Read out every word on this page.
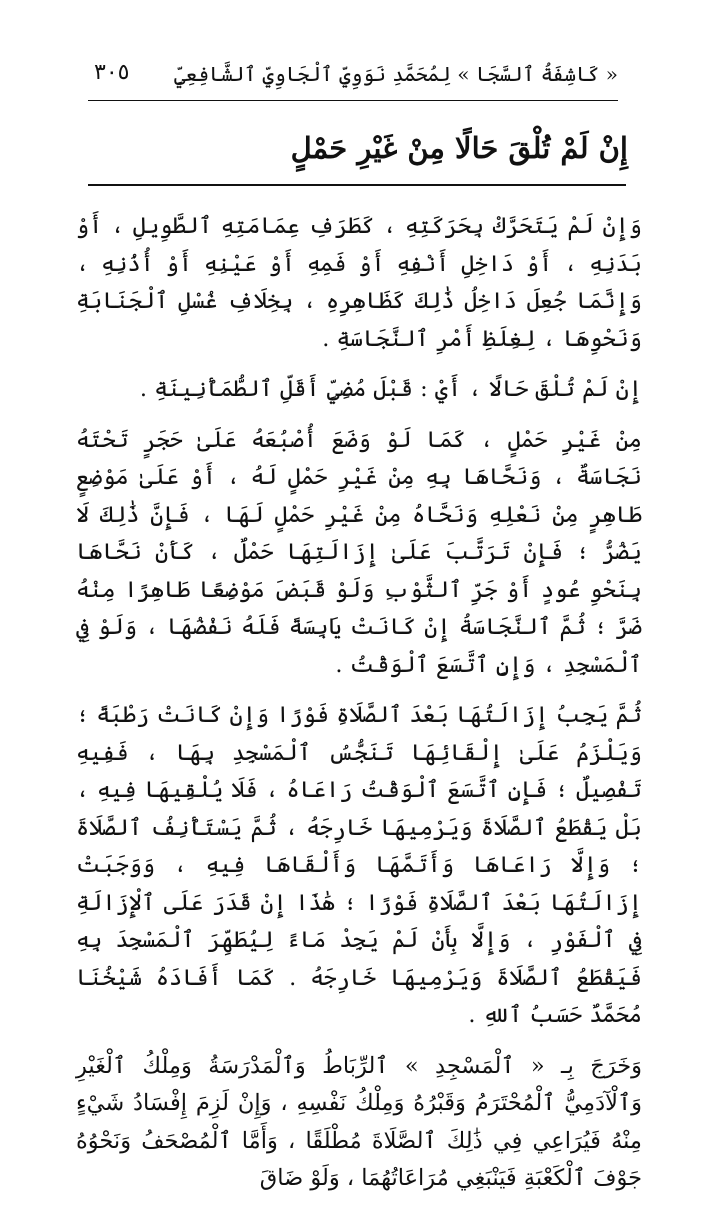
٣٠٥ « كَاشِفَةُ ٱلسَّجَا » لِمُحَمَّدِ نَوَوِيِّ ٱلْجَاوِيِّ ٱلشَّافِعِيِّ
إِنْ لَمْ تُلْقَ حَالًا مِنْ غَيْرِ حَمْلٍ

وَإِنْ لَمْ يَتَحَرَّكْ بِحَرَكَتِهِ ، كَطَرَفِ عِمَامَتِهِ ٱلطَّوِيلِ ، أَوْ بَدَنِهِ ، أَوْ دَاخِلِ أَنْفِهِ أَوْ فَمِهِ أَوْ عَيْنِهِ أَوْ أُذُنِهِ ، وَإِنَّمَا جُعِلَ دَاخِلُ ذَٰلِكَ كَظَاهِرِهِ ، بِخِلَافِ غُسْلِ ٱلْجَنَابَةِ وَنَحْوِهَا ، لِغِلَظِ أَمْرِ ٱلنَّجَاسَةِ .

إِنْ لَمْ تُلْقَ حَالًا ، أَيْ : قَبْلَ مُضِيِّ أَقَلِّ ٱلطُّمَأْنِينَةِ .

مِنْ غَيْرِ حَمْلٍ ، كَمَا لَوْ وَضَعَ أُصْبُعَهُ عَلَىٰ حَجَرٍ تَحْتَهُ نَجَاسَةٌ ، وَنَحَّاهَا بِهِ مِنْ غَيْرِ حَمْلٍ لَهُ ، أَوْ عَلَىٰ مَوْضِعٍ طَاهِرٍ مِنْ نَعْلِهِ وَنَحَّاهُ مِنْ غَيْرِ حَمْلٍ لَهَا ، فَإِنَّ ذَٰلِكَ لَا يَضُرُّ ؛ فَإِنْ تَرَتَّبَ عَلَىٰ إِزَالَتِهَا حَمْلٌ ، كَأَنْ نَحَّاهَا بِنَحْوِ عُودٍ أَوْ جَرِّ ٱلثَّوْبِ وَلَوْ قَبَضَ مَوْضِعًا طَاهِرًا مِنْهُ ضَرَّ ؛ ثُمَّ ٱلنَّجَاسَةُ إِنْ كَانَتْ يَابِسَةً فَلَهُ نَفْضُهَا ، وَلَوْ فِي ٱلْمَسْجِدِ ، وَإِنِ ٱتَّسَعَ ٱلْوَقْتُ .

ثُمَّ يَجِبُ إِزَالَتُهَا بَعْدَ ٱلصَّلَاةِ فَوْرًا وَإِنْ كَانَتْ رَطْبَةً ؛ وَيَلْزَمُ عَلَىٰ إِلْقَائِهَا تَنَجُّسُ ٱلْمَسْجِدِ بِهَا ، فَفِيهِ تَفْصِيلٌ ؛ فَإِنِ ٱتَّسَعَ ٱلْوَقْتُ رَاعَاهُ ، فَلَا يُلْقِيهَا فِيهِ ، بَلْ يَقْطَعُ ٱلصَّلَاةَ وَيَرْمِيهَا خَارِجَهُ ، ثُمَّ يَسْتَأْنِفُ ٱلصَّلَاةَ ؛ وَإِلَّا رَاعَاهَا وَأَتَمَّهَا وَأَلْقَاهَا فِيهِ ، وَوَجَبَتْ إِزَالَتُهَا بَعْدَ ٱلصَّلَاةِ فَوْرًا ؛ هَٰذَا إِنْ قَدَرَ عَلَى ٱلْإِزَالَةِ فِي ٱلْفَوْرِ ، وَإِلَّا بِأَنْ لَمْ يَجِدْ مَاءً لِيُطَهِّرَ ٱلْمَسْجِدَ بِهِ فَيَقْطَعُ ٱلصَّلَاةَ وَيَرْمِيهَا خَارِجَهُ . كَمَا أَفَادَهُ شَيْخُنَا مُحَمَّدٌ حَسَبُ ٱللهِ .

وَخَرَجَ بِـ « ٱلْمَسْجِدِ » ٱلرِّبَاطُ وَٱلْمَدْرَسَةُ وَمِلْكُ ٱلْغَيْرِ وَٱلْآدَمِيُّ ٱلْمُحْتَرَمُ وَقَبْرُهُ وَمِلْكُ نَفْسِهِ ، وَإِنْ لَزِمَ إِفْسَادُ شَيْءٍ مِنْهُ فَيُرَاعِي فِي ذَٰلِكَ ٱلصَّلَاةَ مُطْلَقًا ، وَأَمَّا ٱلْمُصْحَفُ وَنَحْوُهُ جَوْفَ ٱلْكَعْبَةِ فَيَنْبَغِي مُرَاعَاتُهُمَا ، وَلَوْ ضَاقَ
